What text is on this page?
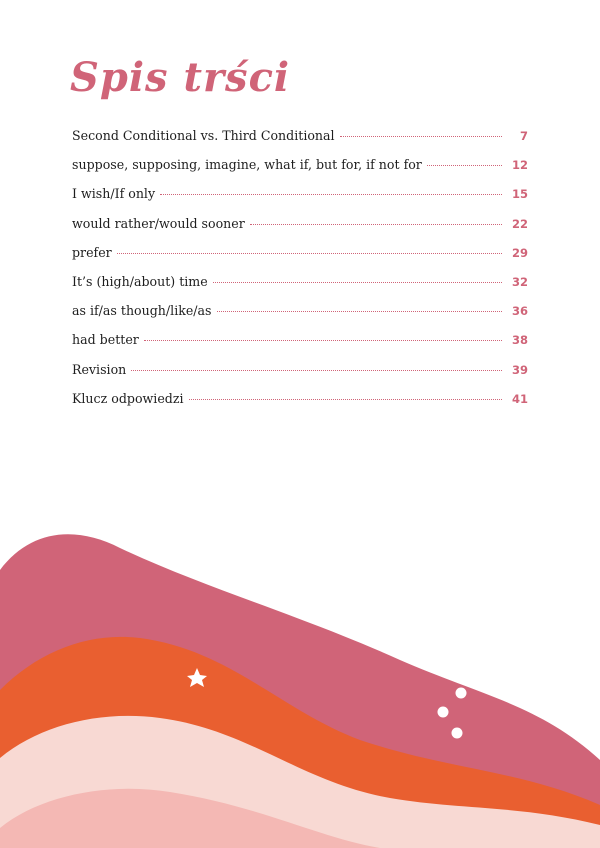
Spis trści
Second Conditional vs. Third Conditional	7
suppose, supposing, imagine, what if, but for, if not for	12
I wish/If only	15
would rather/would sooner	22
prefer	29
It’s (high/about) time	32
as if/as though/like/as	36
had better	38
Revision	39
Klucz odpowiedzi	41
